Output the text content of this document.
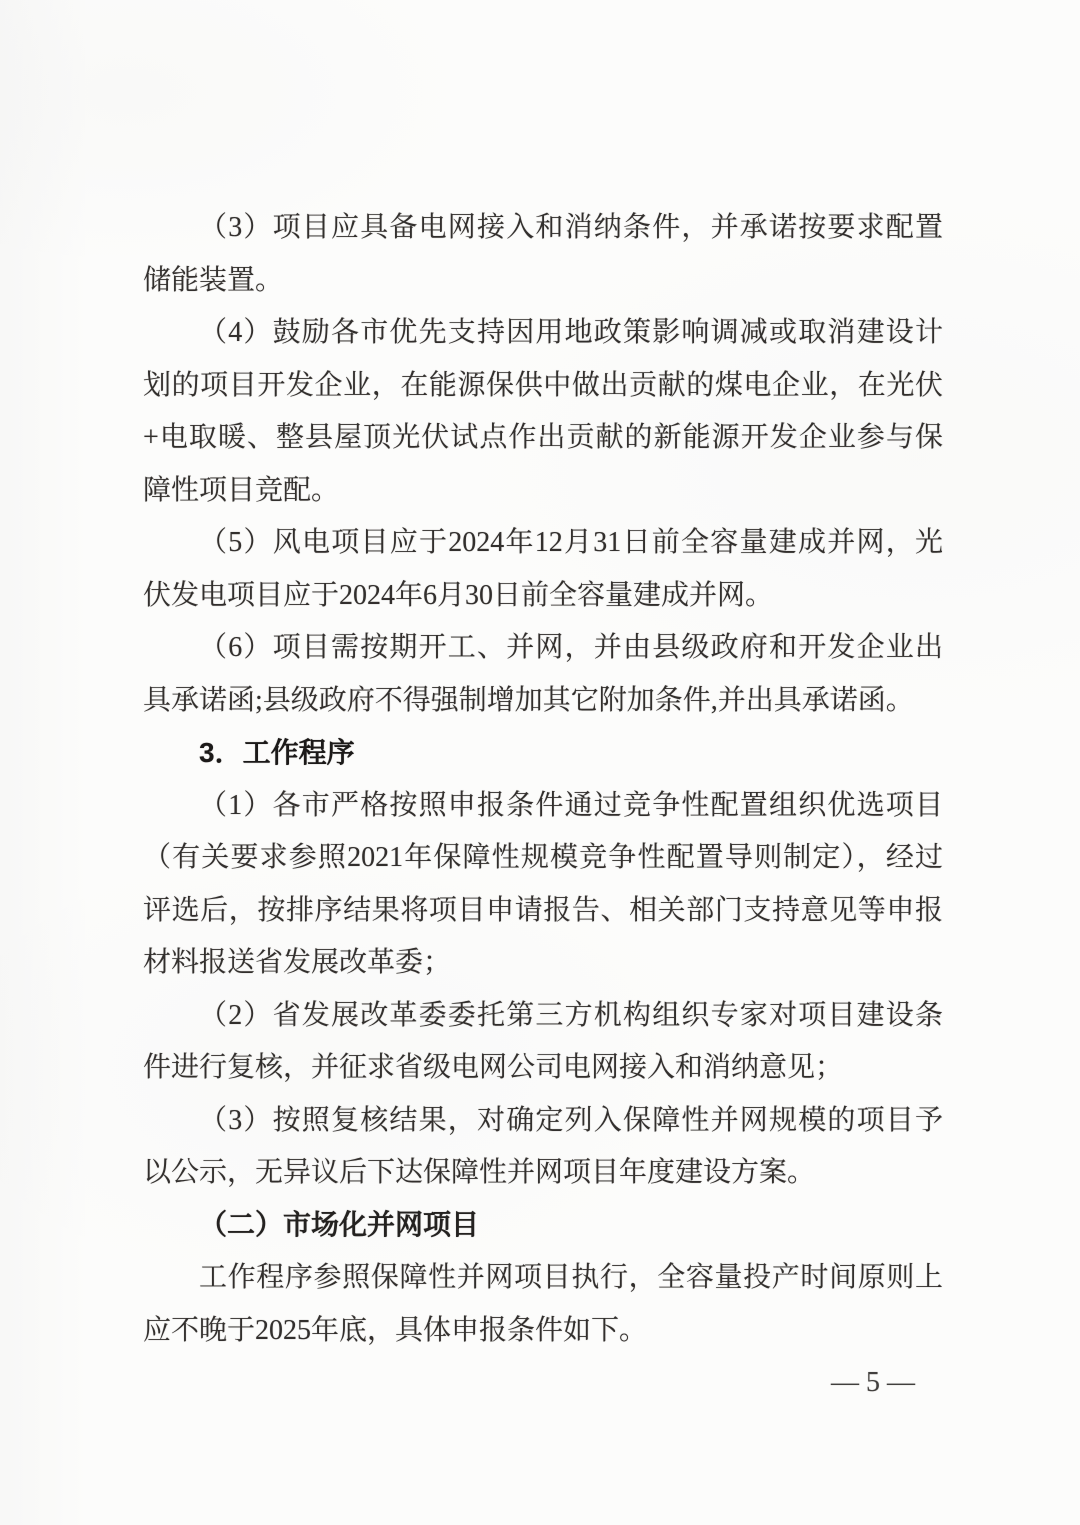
（3）项目应具备电网接入和消纳条件，并承诺按要求配置
储能装置。
（4）鼓励各市优先支持因用地政策影响调减或取消建设计
划的项目开发企业，在能源保供中做出贡献的煤电企业，在光伏
+电取暖、整县屋顶光伏试点作出贡献的新能源开发企业参与保
障性项目竞配。
（5）风电项目应于2024年12月31日前全容量建成并网，光
伏发电项目应于2024年6月30日前全容量建成并网。
（6）项目需按期开工、并网，并由县级政府和开发企业出
具承诺函;县级政府不得强制增加其它附加条件,并出具承诺函。
3．工作程序
（1）各市严格按照申报条件通过竞争性配置组织优选项目
（有关要求参照2021年保障性规模竞争性配置导则制定），经过
评选后，按排序结果将项目申请报告、相关部门支持意见等申报
材料报送省发展改革委；
（2）省发展改革委委托第三方机构组织专家对项目建设条
件进行复核，并征求省级电网公司电网接入和消纳意见；
（3）按照复核结果，对确定列入保障性并网规模的项目予
以公示，无异议后下达保障性并网项目年度建设方案。
（二）市场化并网项目
工作程序参照保障性并网项目执行，全容量投产时间原则上
应不晚于2025年底，具体申报条件如下。
— 5 —
